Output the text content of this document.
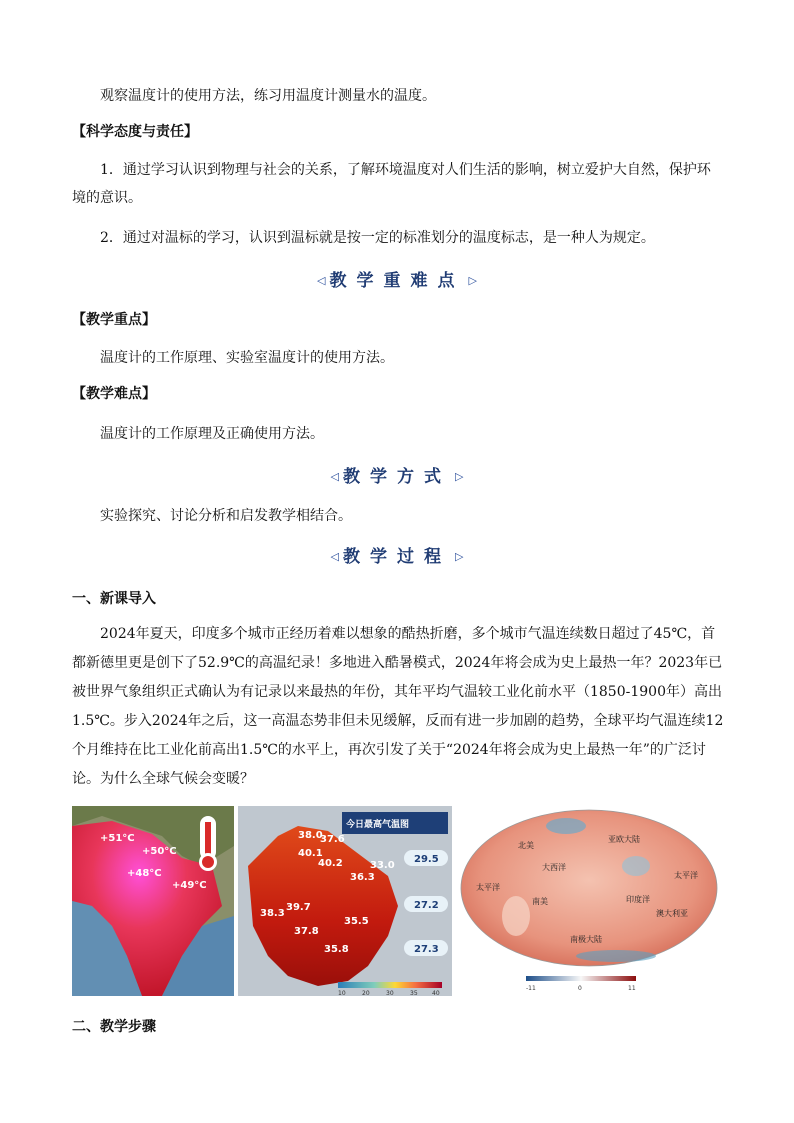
观察温度计的使用方法，练习用温度计测量水的温度。
【科学态度与责任】
1．通过学习认识到物理与社会的关系，了解环境温度对人们生活的影响，树立爱护大自然，保护环境的意识。
2．通过对温标的学习，认识到温标就是按一定的标准划分的温度标志，是一种人为规定。
◁ 教学重难点 ▷
【教学重点】
温度计的工作原理、实验室温度计的使用方法。
【教学难点】
温度计的工作原理及正确使用方法。
◁ 教学方式 ▷
实验探究、讨论分析和启发教学相结合。
◁ 教学过程 ▷
一、新课导入
2024年夏天，印度多个城市正经历着难以想象的酷热折磨，多个城市气温连续数日超过了45℃，首都新德里更是创下了52.9℃的高温纪录！多地进入酷暑模式，2024年将会成为史上最热一年？2023年已被世界气象组织正式确认为有记录以来最热的年份，其年平均气温较工业化前水平（1850-1900年）高出1.5℃。步入2024年之后，这一高温态势非但未见缓解，反而有进一步加剧的趋势，全球平均气温连续12个月维持在比工业化前高出1.5℃的水平上，再次引发了关于“2024年将会成为史上最热一年”的广泛讨论。为什么全球气候会变暖？
+51°C
+50°C
+48°C
+49°C
今日最高气温图
29.5
27.2
27.3
38.0
37.6
40.1
40.2
36.3
33.0
38.3
39.7
37.8
35.5
35.8
10	20	30	35 40
北美
亚欧大陆
大西洋
太平洋
太平洋
南美	印度洋
澳大利亚
南极大陆
-11	0	11
二、教学步骤
